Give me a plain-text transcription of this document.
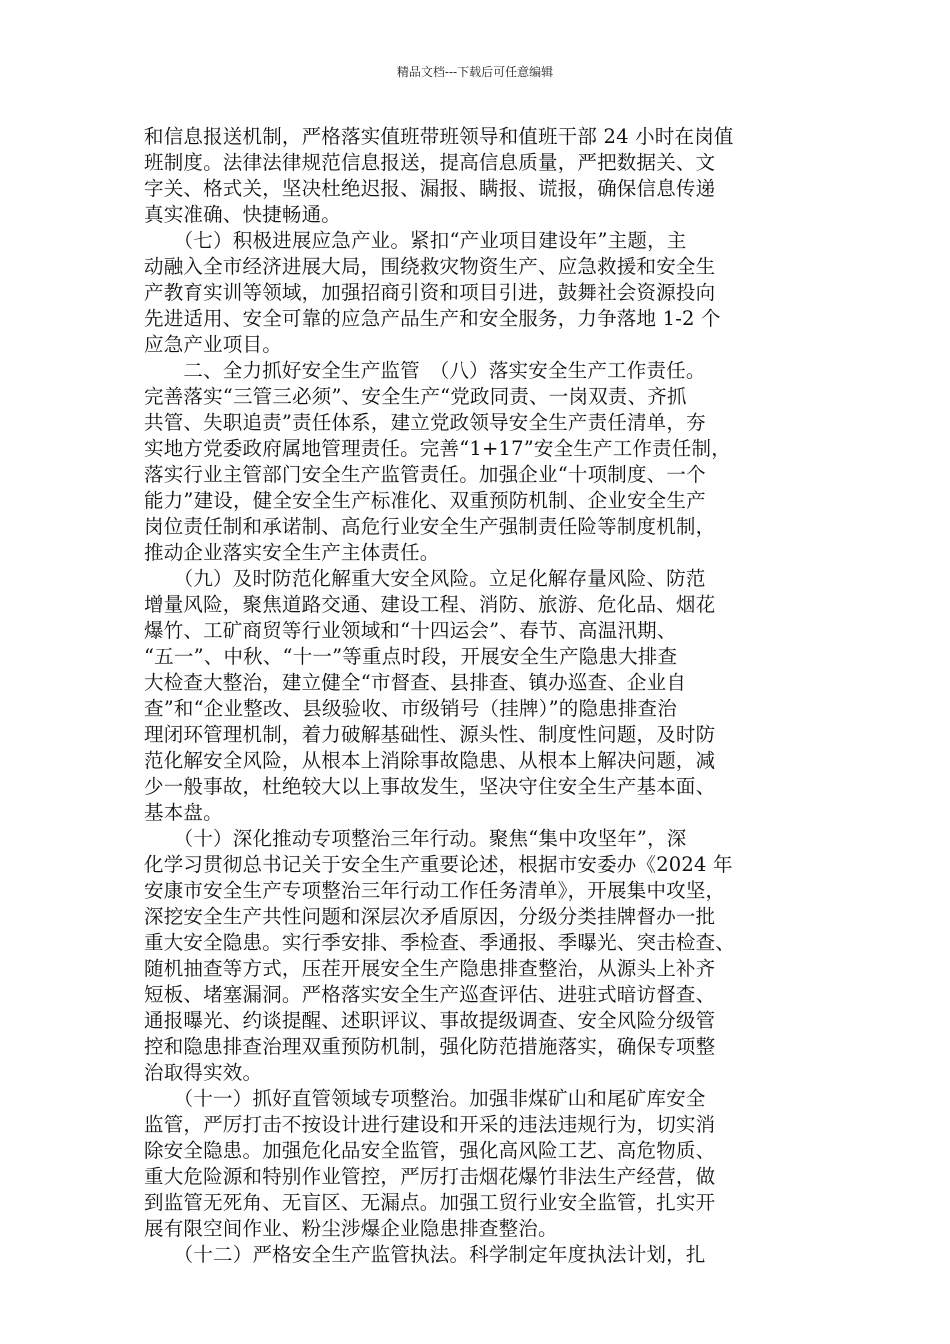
精品文档---下载后可任意编辑
和信息报送机制，严格落实值班带班领导和值班干部 24 小时在岗值
班制度。法律法律规范信息报送，提高信息质量，严把数据关、文
字关、格式关，坚决杜绝迟报、漏报、瞒报、谎报，确保信息传递
真实准确、快捷畅通。
　　（七）积极进展应急产业。紧扣“产业项目建设年”主题，主
动融入全市经济进展大局，围绕救灾物资生产、应急救援和安全生
产教育实训等领域，加强招商引资和项目引进，鼓舞社会资源投向
先进适用、安全可靠的应急产品生产和安全服务，力争落地 1-2 个
应急产业项目。
　　二、全力抓好安全生产监管　（八）落实安全生产工作责任。
完善落实“三管三必须”、安全生产“党政同责、一岗双责、齐抓
共管、失职追责”责任体系，建立党政领导安全生产责任清单，夯
实地方党委政府属地管理责任。完善“1+17”安全生产工作责任制，
落实行业主管部门安全生产监管责任。加强企业“十项制度、一个
能力”建设，健全安全生产标准化、双重预防机制、企业安全生产
岗位责任制和承诺制、高危行业安全生产强制责任险等制度机制，
推动企业落实安全生产主体责任。
　　（九）及时防范化解重大安全风险。立足化解存量风险、防范
增量风险，聚焦道路交通、建设工程、消防、旅游、危化品、烟花
爆竹、工矿商贸等行业领域和“十四运会”、春节、高温汛期、
“五一”、中秋、“十一”等重点时段，开展安全生产隐患大排查
大检查大整治，建立健全“市督查、县排查、镇办巡查、企业自
查”和“企业整改、县级验收、市级销号（挂牌）”的隐患排查治
理闭环管理机制，着力破解基础性、源头性、制度性问题，及时防
范化解安全风险，从根本上消除事故隐患、从根本上解决问题，减
少一般事故，杜绝较大以上事故发生，坚决守住安全生产基本面、
基本盘。
　　（十）深化推动专项整治三年行动。聚焦“集中攻坚年”，深
化学习贯彻总书记关于安全生产重要论述，根据市安委办《2024 年
安康市安全生产专项整治三年行动工作任务清单》，开展集中攻坚，
深挖安全生产共性问题和深层次矛盾原因，分级分类挂牌督办一批
重大安全隐患。实行季安排、季检查、季通报、季曝光、突击检查、
随机抽查等方式，压茬开展安全生产隐患排查整治，从源头上补齐
短板、堵塞漏洞。严格落实安全生产巡查评估、进驻式暗访督查、
通报曝光、约谈提醒、述职评议、事故提级调查、安全风险分级管
控和隐患排查治理双重预防机制，强化防范措施落实，确保专项整
治取得实效。
　　（十一）抓好直管领域专项整治。加强非煤矿山和尾矿库安全
监管，严厉打击不按设计进行建设和开采的违法违规行为，切实消
除安全隐患。加强危化品安全监管，强化高风险工艺、高危物质、
重大危险源和特别作业管控，严厉打击烟花爆竹非法生产经营，做
到监管无死角、无盲区、无漏点。加强工贸行业安全监管，扎实开
展有限空间作业、粉尘涉爆企业隐患排查整治。
　　（十二）严格安全生产监管执法。科学制定年度执法计划，扎
